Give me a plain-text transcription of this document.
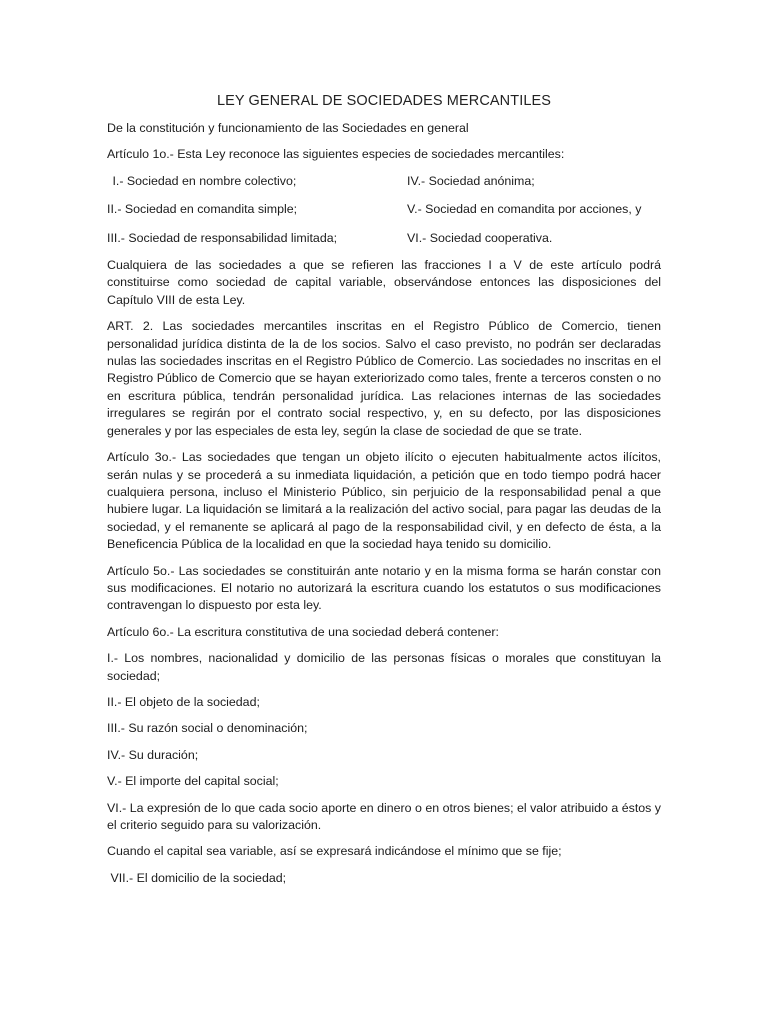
LEY GENERAL DE SOCIEDADES MERCANTILES

De la constitución y funcionamiento de las Sociedades en general

Artículo 1o.- Esta Ley reconoce las siguientes especies de sociedades mercantiles:

I.- Sociedad en nombre colectivo;	IV.- Sociedad anónima;
II.- Sociedad en comandita simple;	V.- Sociedad en comandita por acciones, y
III.- Sociedad de responsabilidad limitada;	VI.- Sociedad cooperativa.

Cualquiera de las sociedades a que se refieren las fracciones I a V de este artículo podrá constituirse como sociedad de capital variable, observándose entonces las disposiciones del Capítulo VIII de esta Ley.

ART. 2. Las sociedades mercantiles inscritas en el Registro Público de Comercio, tienen personalidad jurídica distinta de la de los socios. Salvo el caso previsto, no podrán ser declaradas nulas las sociedades inscritas en el Registro Público de Comercio. Las sociedades no inscritas en el Registro Público de Comercio que se hayan exteriorizado como tales, frente a terceros consten o no en escritura pública, tendrán personalidad jurídica. Las relaciones internas de las sociedades irregulares se regirán por el contrato social respectivo, y, en su defecto, por las disposiciones generales y por las especiales de esta ley, según la clase de sociedad de que se trate.

Artículo 3o.- Las sociedades que tengan un objeto ilícito o ejecuten habitualmente actos ilícitos, serán nulas y se procederá a su inmediata liquidación, a petición que en todo tiempo podrá hacer cualquiera persona, incluso el Ministerio Público, sin perjuicio de la responsabilidad penal a que hubiere lugar. La liquidación se limitará a la realización del activo social, para pagar las deudas de la sociedad, y el remanente se aplicará al pago de la responsabilidad civil, y en defecto de ésta, a la Beneficencia Pública de la localidad en que la sociedad haya tenido su domicilio.

Artículo 5o.- Las sociedades se constituirán ante notario y en la misma forma se harán constar con sus modificaciones. El notario no autorizará la escritura cuando los estatutos o sus modificaciones contravengan lo dispuesto por esta ley.

Artículo 6o.- La escritura constitutiva de una sociedad deberá contener:

I.- Los nombres, nacionalidad y domicilio de las personas físicas o morales que constituyan la sociedad;

II.- El objeto de la sociedad;

III.- Su razón social o denominación;

IV.- Su duración;

V.- El importe del capital social;

VI.- La expresión de lo que cada socio aporte en dinero o en otros bienes; el valor atribuido a éstos y el criterio seguido para su valorización.

Cuando el capital sea variable, así se expresará indicándose el mínimo que se fije;

VII.- El domicilio de la sociedad;
